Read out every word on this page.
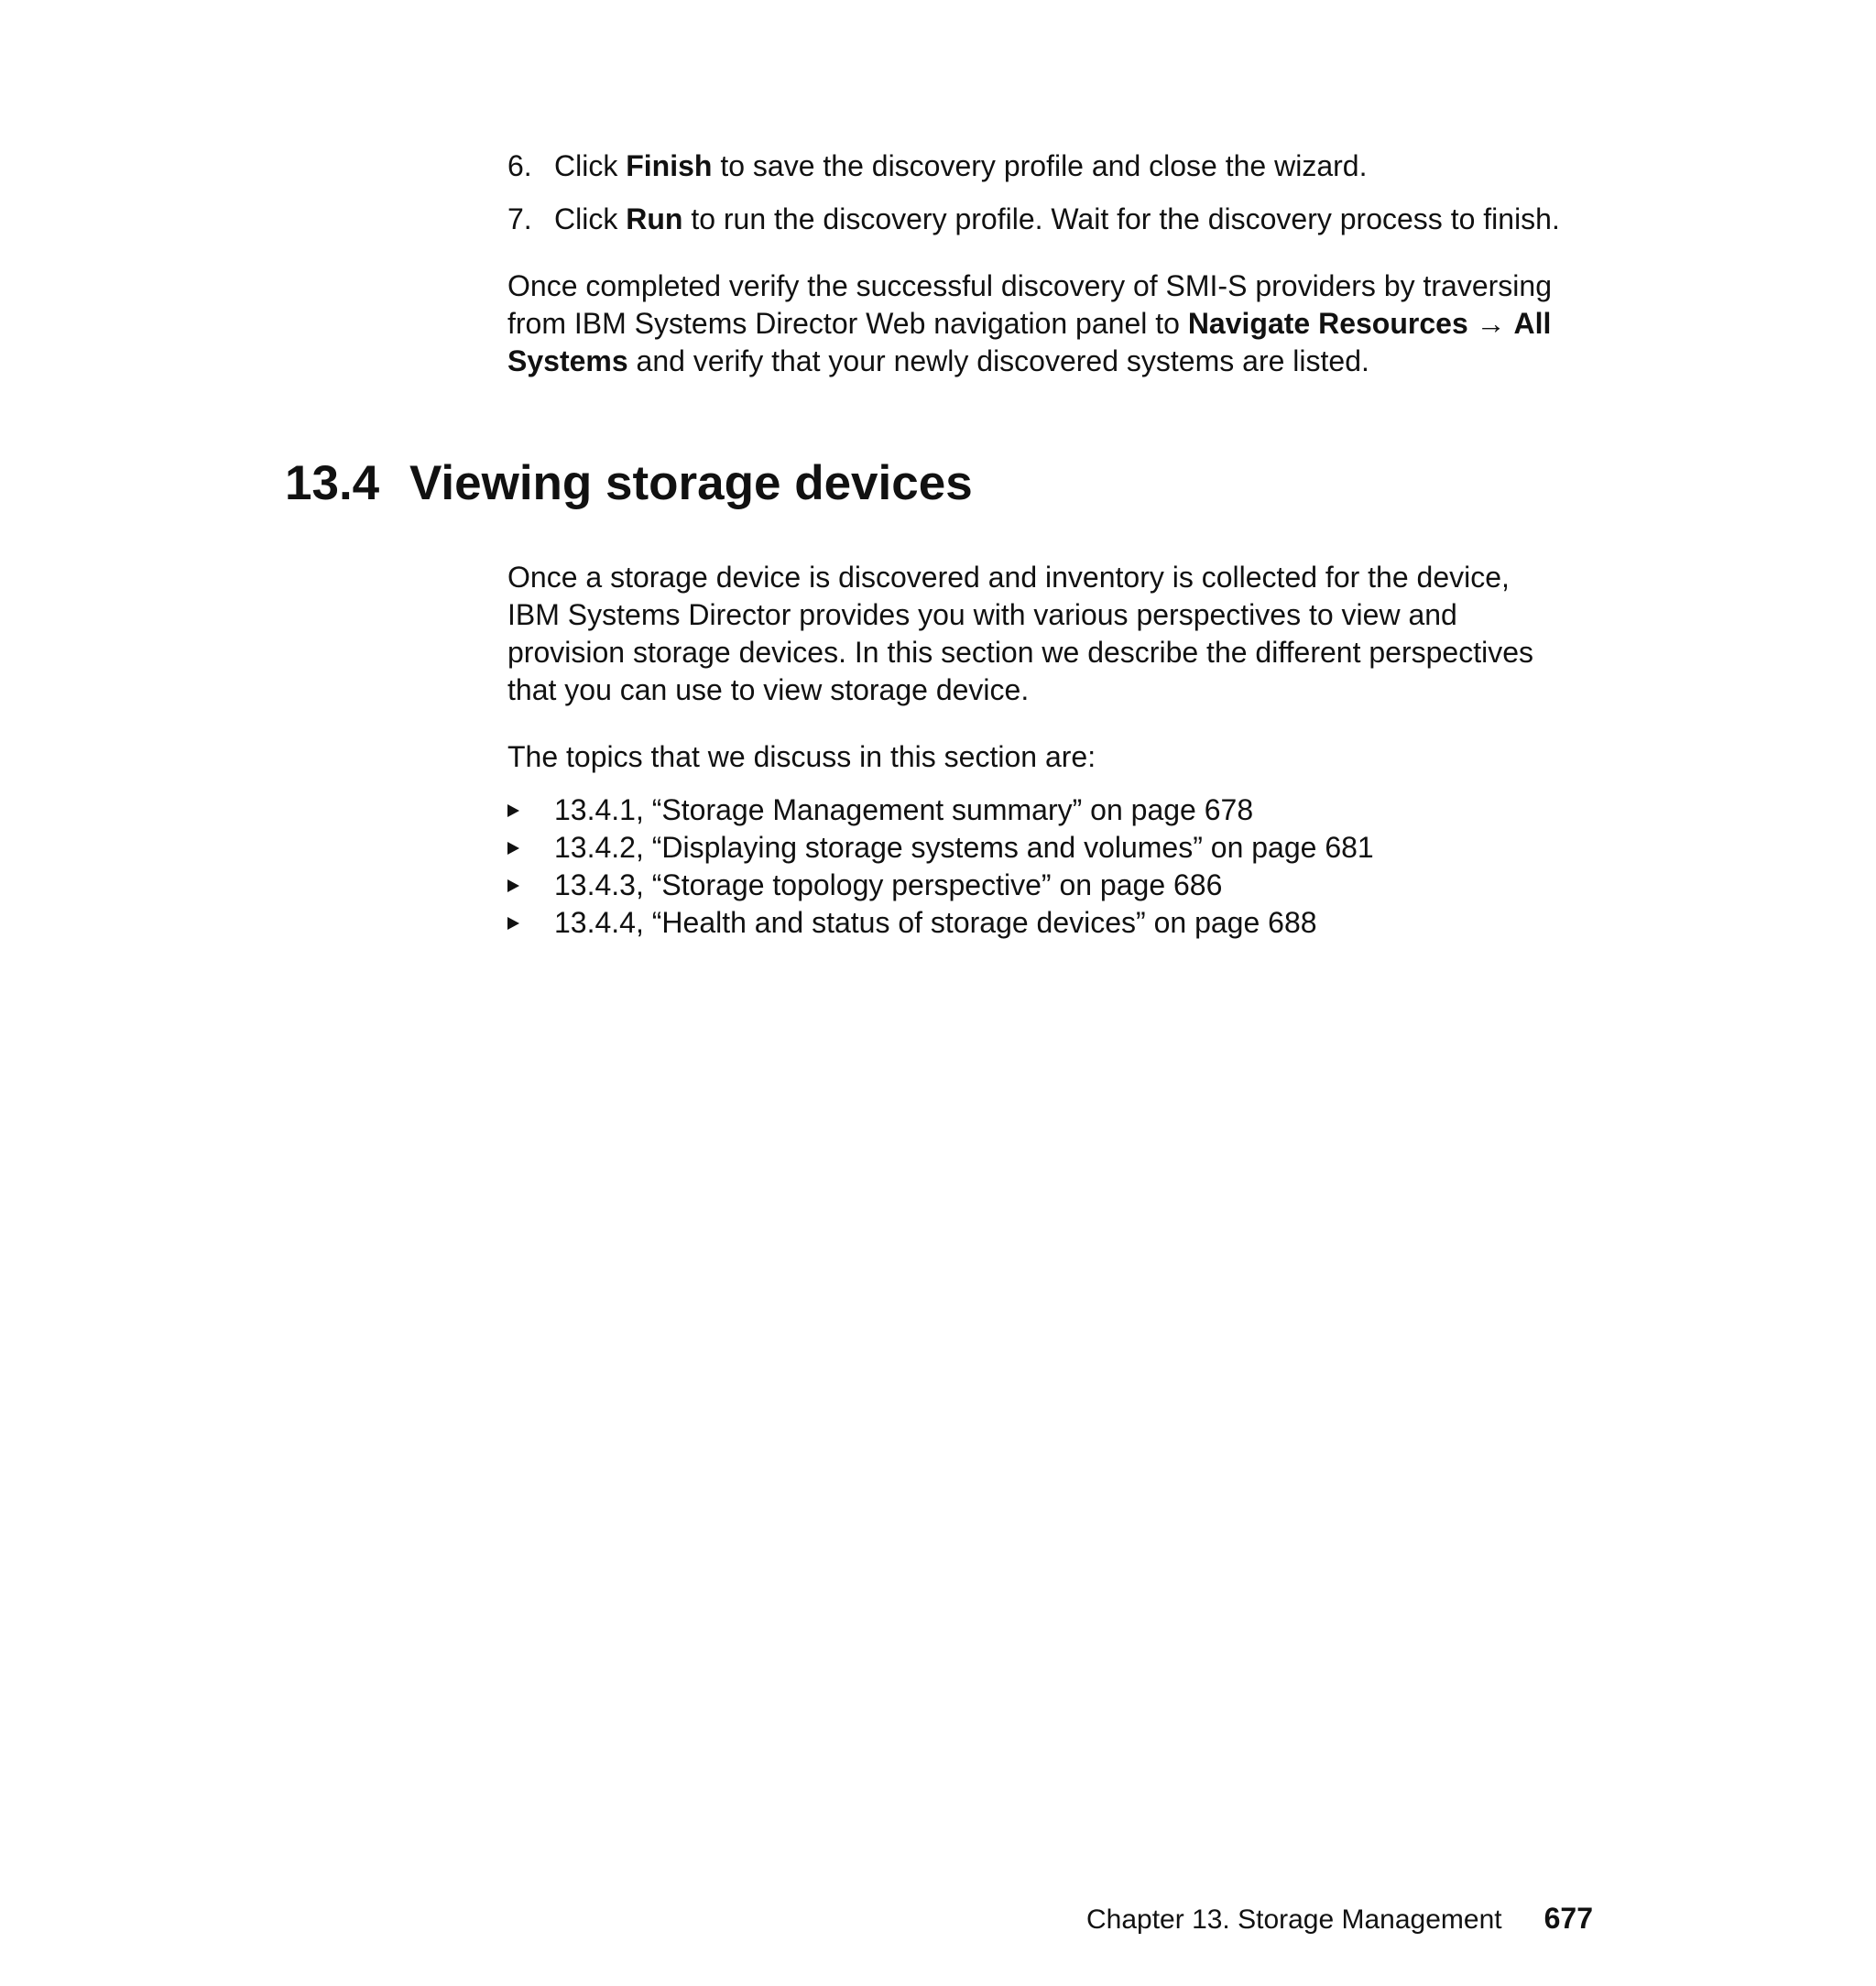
6. Click Finish to save the discovery profile and close the wizard.
7. Click Run to run the discovery profile. Wait for the discovery process to finish.

Once completed verify the successful discovery of SMI-S providers by traversing
from IBM Systems Director Web navigation panel to Navigate Resources → All
Systems and verify that your newly discovered systems are listed.

13.4 Viewing storage devices

Once a storage device is discovered and inventory is collected for the device,
IBM Systems Director provides you with various perspectives to view and
provision storage devices. In this section we describe the different perspectives
that you can use to view storage device.

The topics that we discuss in this section are:

13.4.1, “Storage Management summary” on page 678
13.4.2, “Displaying storage systems and volumes” on page 681
13.4.3, “Storage topology perspective” on page 686
13.4.4, “Health and status of storage devices” on page 688
Chapter 13. Storage Management 677
